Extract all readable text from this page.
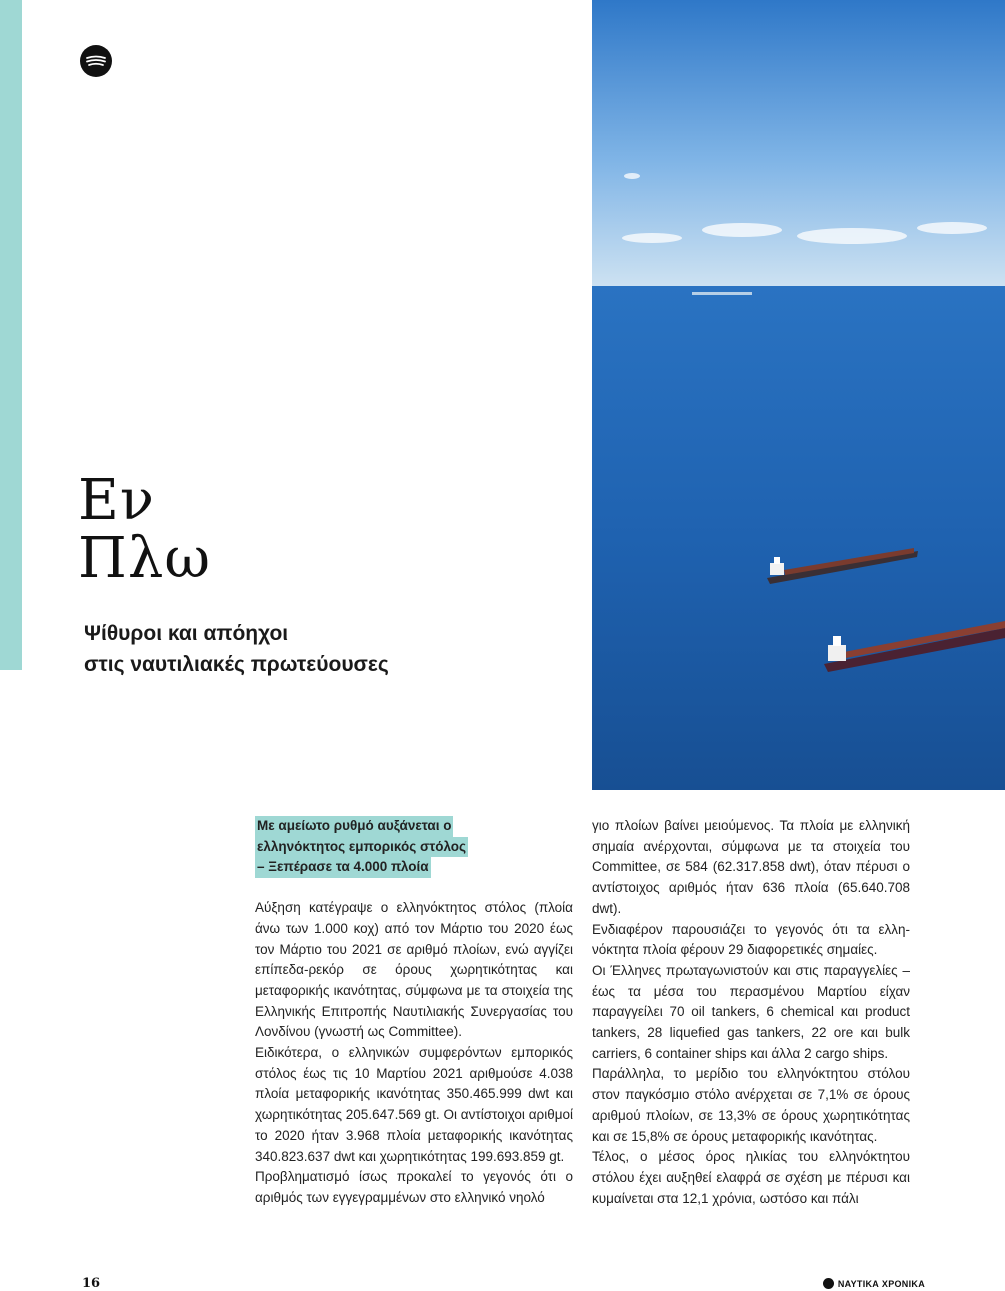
Εν
Πλω
Ψίθυροι και απόηχοι
στις ναυτιλιακές πρωτεύουσες
Με αμείωτο ρυθμό αυξάνεται ο
ελληνόκτητος εμπορικός στόλος
– Ξεπέρασε τα 4.000 πλοία

Αύξηση κατέγραψε ο ελληνόκτητος στόλος (πλοία άνω των 1.000 κοχ) από τον Μάρτιο του 2020 έως τον Μάρτιο του 2021 σε αριθμό πλοίων, ενώ αγγίζει επίπεδα-ρεκόρ σε όρους χωρητικότητας και μεταφορικής ικανότητας, σύμφωνα με τα στοιχεία της Ελληνικής Επιτροπής Ναυτιλιακής Συνεργασίας του Λονδίνου (γνωστή ως Committee).

Ειδικότερα, ο ελληνικών συμφερόντων εμπορικός στόλος έως τις 10 Μαρτίου 2021 αριθμούσε 4.038 πλοία μεταφορικής ικανότητας 350.465.999 dwt και χωρητικότητας 205.647.569 gt. Οι αντίστοιχοι αριθμοί το 2020 ήταν 3.968 πλοία μεταφορικής ικανότητας 340.823.637 dwt και χωρητικότητας 199.693.859 gt.

Προβληματισμό ίσως προκαλεί το γεγονός ότι ο αριθμός των εγγεγραμμένων στο ελληνικό νηολό

γιο πλοίων βαίνει μειούμενος. Τα πλοία με ελληνική σημαία ανέρχονται, σύμφωνα με τα στοιχεία του Committee, σε 584 (62.317.858 dwt), όταν πέρυσι ο αντίστοιχος αριθμός ήταν 636 πλοία (65.640.708 dwt).

Ενδιαφέρον παρουσιάζει το γεγονός ότι τα ελληνόκτητα πλοία φέρουν 29 διαφορετικές σημαίες.

Οι Έλληνες πρωταγωνιστούν και στις παραγγελίες – έως τα μέσα του περασμένου Μαρτίου είχαν παραγγείλει 70 oil tankers, 6 chemical και product tankers, 28 liquefied gas tankers, 22 ore και bulk carriers, 6 container ships και άλλα 2 cargo ships.

Παράλληλα, το μερίδιο του ελληνόκτητου στόλου στον παγκόσμιο στόλο ανέρχεται σε 7,1% σε όρους αριθμού πλοίων, σε 13,3% σε όρους χωρητικότητας και σε 15,8% σε όρους μεταφορικής ικανότητας.

Τέλος, ο μέσος όρος ηλικίας του ελληνόκτητου στόλου έχει αυξηθεί ελαφρά σε σχέση με πέρυσι και κυμαίνεται στα 12,1 χρόνια, ωστόσο και πάλι

16	ΝΑΥΤΙΚΑ ΧΡΟΝΙΚΑ
